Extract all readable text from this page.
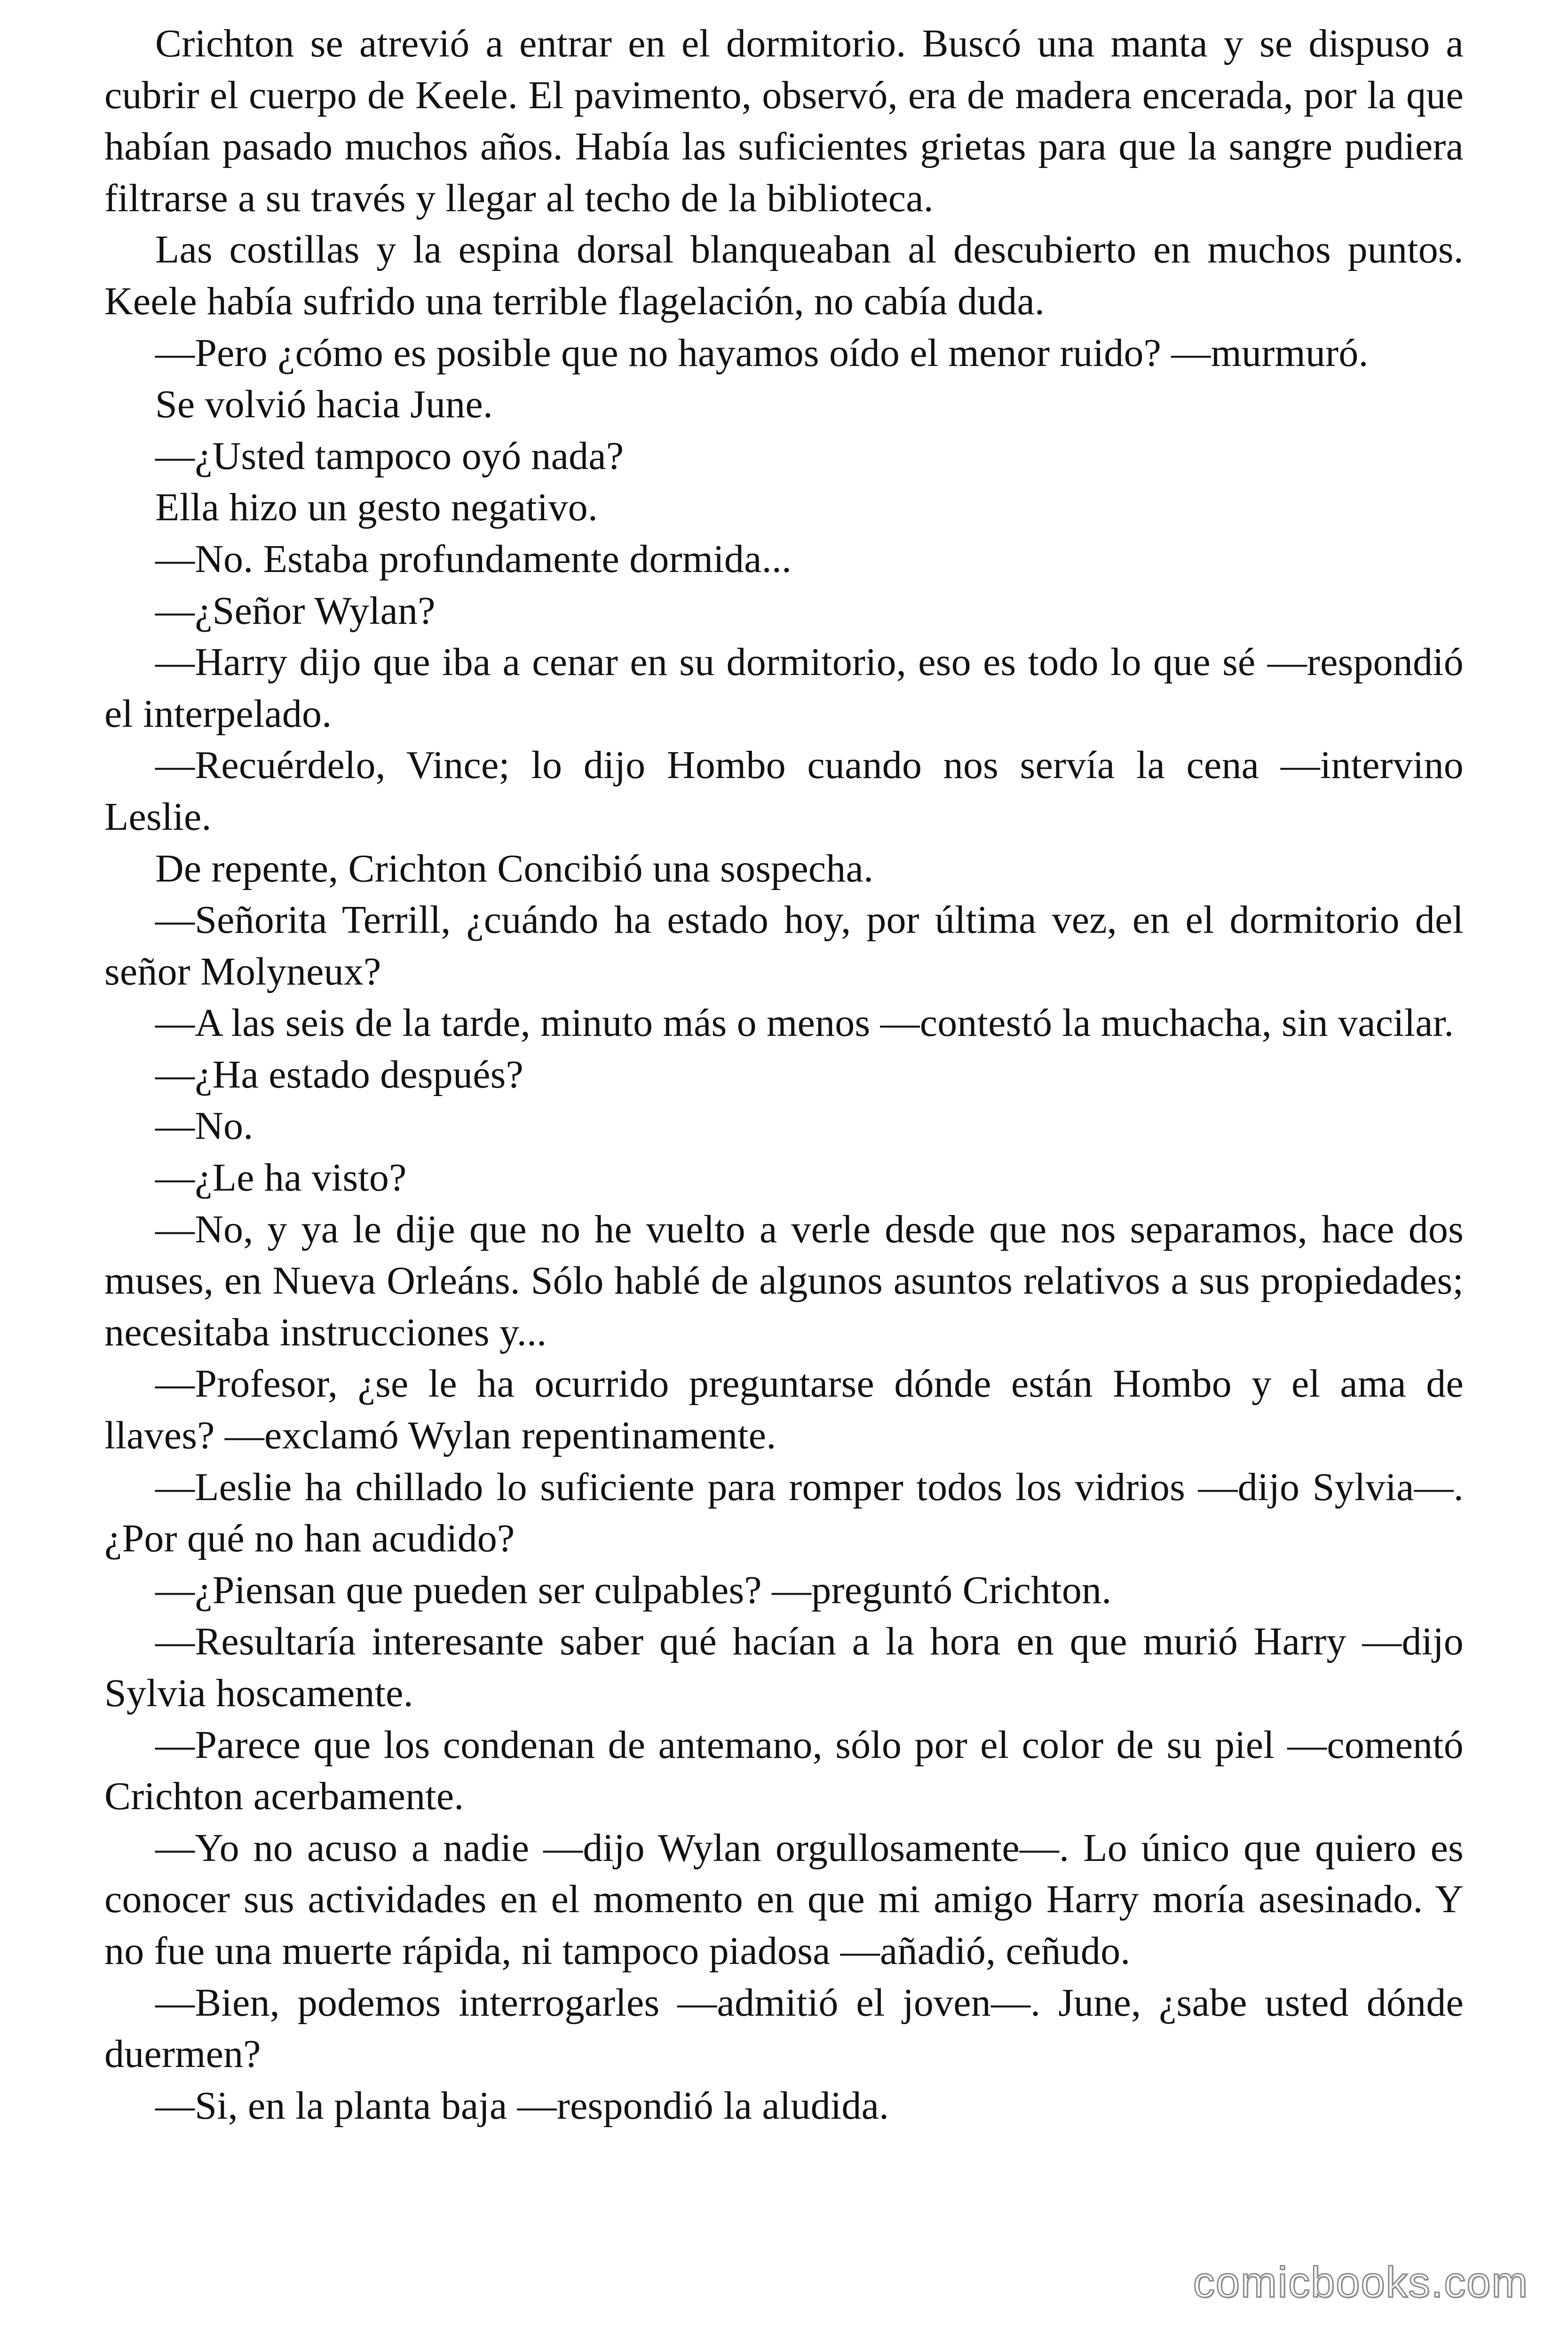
Crichton se atrevió a entrar en el dormitorio. Buscó una manta y se dispuso a cubrir el cuerpo de Keele. El pavimento, observó, era de madera encerada, por la que habían pasado muchos años. Había las suficientes grietas para que la sangre pudiera filtrarse a su través y llegar al techo de la biblioteca.

Las costillas y la espina dorsal blanqueaban al descubierto en muchos puntos. Keele había sufrido una terrible flagelación, no cabía duda.

—Pero ¿cómo es posible que no hayamos oído el menor ruido? —murmuró.

Se volvió hacia June.

—¿Usted tampoco oyó nada?

Ella hizo un gesto negativo.

—No. Estaba profundamente dormida...

—¿Señor Wylan?

—Harry dijo que iba a cenar en su dormitorio, eso es todo lo que sé —respondió el interpelado.

—Recuérdelo, Vince; lo dijo Hombo cuando nos servía la cena —intervino Leslie.

De repente, Crichton Concibió una sospecha.

—Señorita Terrill, ¿cuándo ha estado hoy, por última vez, en el dormitorio del señor Molyneux?

—A las seis de la tarde, minuto más o menos —contestó la muchacha, sin vacilar.

—¿Ha estado después?

—No.

—¿Le ha visto?

—No, y ya le dije que no he vuelto a verle desde que nos separamos, hace dos muses, en Nueva Orleáns. Sólo hablé de algunos asuntos relativos a sus propiedades; necesitaba instrucciones y...

—Profesor, ¿se le ha ocurrido preguntarse dónde están Hombo y el ama de llaves? —exclamó Wylan repentinamente.

—Leslie ha chillado lo suficiente para romper todos los vidrios —dijo Sylvia—. ¿Por qué no han acudido?

—¿Piensan que pueden ser culpables? —preguntó Crichton.

—Resultaría interesante saber qué hacían a la hora en que murió Harry —dijo Sylvia hoscamente.

—Parece que los condenan de antemano, sólo por el color de su piel —comentó Crichton acerbamente.

—Yo no acuso a nadie —dijo Wylan orgullosamente—. Lo único que quiero es conocer sus actividades en el momento en que mi amigo Harry moría asesinado. Y no fue una muerte rápida, ni tampoco piadosa —añadió, ceñudo.

—Bien, podemos interrogarles —admitió el joven—. June, ¿sabe usted dónde duermen?

—Si, en la planta baja —respondió la aludida.

comicbooks.com
